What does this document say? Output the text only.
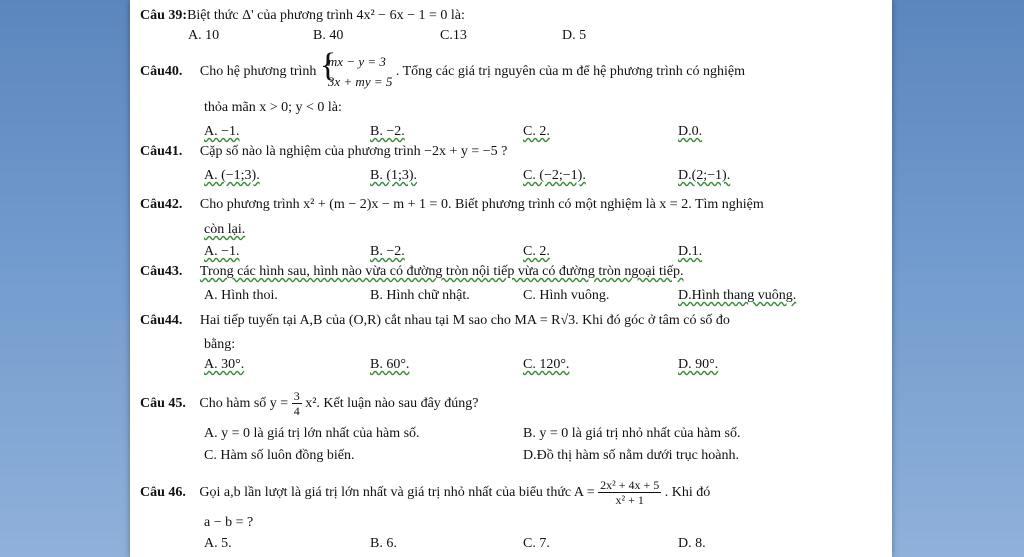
Câu 39:Biệt thức Δ' của phương trình 4x² − 6x − 1 = 0 là:
A. 10	B. 40	C.13	D. 5
Câu40. Cho hệ phương trình {
mx − y = 3
3x + my = 5
. Tổng các giá trị nguyên của m để hệ phương trình có nghiệm
thỏa mãn x > 0; y < 0 là:
A. −1.	B. −2.	C. 2.	D.0.
Câu41. Cặp số nào là nghiệm của phương trình −2x + y = −5 ?
A. (−1;3).	B. (1;3).	C. (−2;−1).	D.(2;−1).
Câu42. Cho phương trình x² + (m − 2)x − m + 1 = 0. Biết phương trình có một nghiệm là x = 2. Tìm nghiệm
còn lại.
A. −1.	B. −2.	C. 2.	D.1.
Câu43. Trong các hình sau, hình nào vừa có đường tròn nội tiếp vừa có đường tròn ngoại tiếp.
A. Hình thoi.	B. Hình chữ nhật.	C. Hình vuông.	D.Hình thang vuông.
Câu44. Hai tiếp tuyến tại A,B của (O,R) cắt nhau tại M sao cho MA = R√3. Khi đó góc ở tâm có số đo
bằng:
A. 30°.	B. 60°.	C. 120°.	D. 90°.
Câu 45. Cho hàm số $y = \frac{3}{4} x^2$. Kết luận nào sau đây đúng?
A. y = 0 là giá trị lớn nhất của hàm số.	B. y = 0 là giá trị nhỏ nhất của hàm số.
C. Hàm số luôn đồng biến.	D.Đồ thị hàm số nằm dưới trục hoành.
Câu 46. Gọi a,b lần lượt là giá trị lớn nhất và giá trị nhỏ nhất của biểu thức $A = \frac{\text{2x² + 4x + 5}}{\text{x² + 1}}$ . Khi đó
a − b = ?
A. 5.	B. 6.	C. 7.	D. 8.
